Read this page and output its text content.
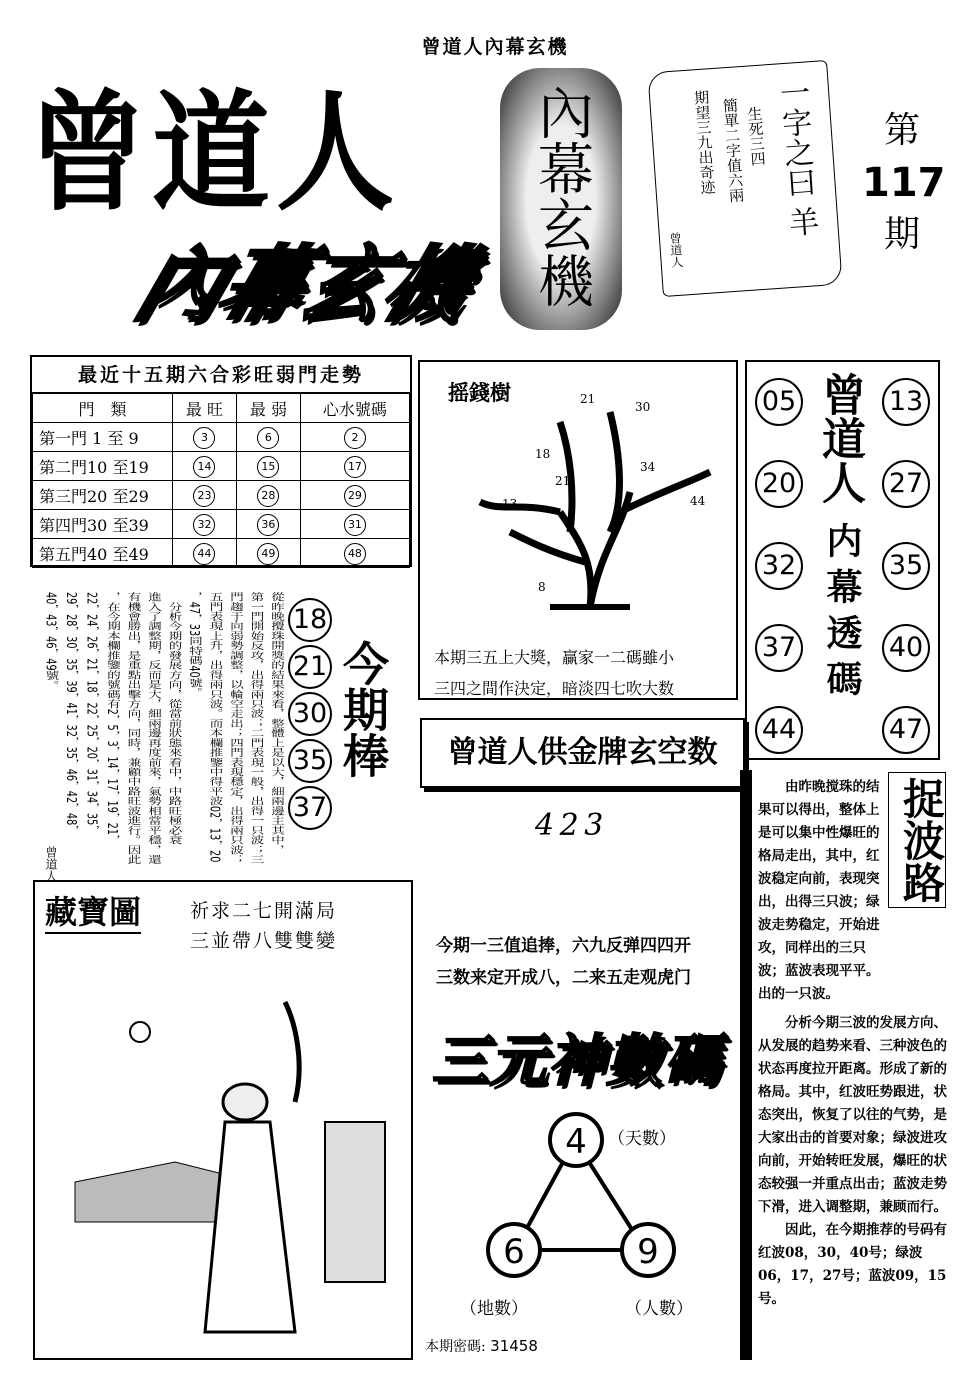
曾道人內幕玄機
曾道人
內幕玄機 內幕玄機	一字之曰 羊
生死三四
簡單二字值六兩
期望三九出奇迹
曾道人
第
117
期
最近十五期六合彩旺弱門走勢
門　類	最 旺	最 弱	心水號碼
第一門 1 至 9	3	6	2
第二門10 至19	14	15	17
第三門20 至29	23	28	29
第四門30 至39	32	36	31
第五門40 至49	44	49	48
從昨晚攪珠開獎的結果來看，整體上是以大，細兩邊主其中，
第一門開始反攻，出得兩只波；二門表現一般，出得一只波；三
門趨于向弱勢調整，以輪空走出；四門表現穩定，出得兩只波；
五門表現上升，出得兩只波。而本欄推鑒中得平波02，13，20
，47，33同特碼40號。
　分析今期的發展方向，從當前狀態來看中，中路旺極必衰
進入了調整期，反而是大，細兩邊再度前來，氣勢相當平穩，還
有機會勝出，是重點出擊方向，同時，兼顧中路旺波進行。因此
，在今期本欄推鑒的號碼有2，5，3，14，17，19，21，
22，24，26，21，18，22，25，20，31，34，35，
29，28，30，35，39，41，32，35，46，42，48，
40，43，46，49號。
曾道人
18
21
30
35
37
今期棒
摇錢樹	21
30
18
21
34
13	44
8
本期三五上大獎，贏家一二碼雖小
三四之間作決定，暗淡四七吹大数
曾道人供金牌玄空数
4 2 3
曾道人
内幕透碼
05
20
32
37
44
13
27
35
40
47
捉波路

由昨晚搅珠的结果可以得出，整体上是可以集中性爆旺的格局走出，其中，红波稳定向前，表现突出，出得三只波；绿波走势稳定，开始进攻，同样出的三只波；蓝波表现平平。出的一只波。

分析今期三波的发展方向、从发展的趋势来看、三种波色的状态再度拉开距离。形成了新的格局。其中，红波旺势跟进，状态突出，恢复了以往的气势，是大家出击的首要对象；绿波进攻向前，开始转旺发展，爆旺的状态较强一并重点出击；蓝波走势下滑，进入调整期，兼顾而行。

因此，在今期推荐的号码有红波08，30，40号；绿波06，17，27号；蓝波09，15号。

藏寶圖	祈求二七開滿局
三並帶八雙雙變	今期一三值追捧，六九反弹四四开
三数来定开成八，二来五走观虎门
三元神數碼
4	（天數）
6
（地數）
9
（人數）
本期密碼: 31458
